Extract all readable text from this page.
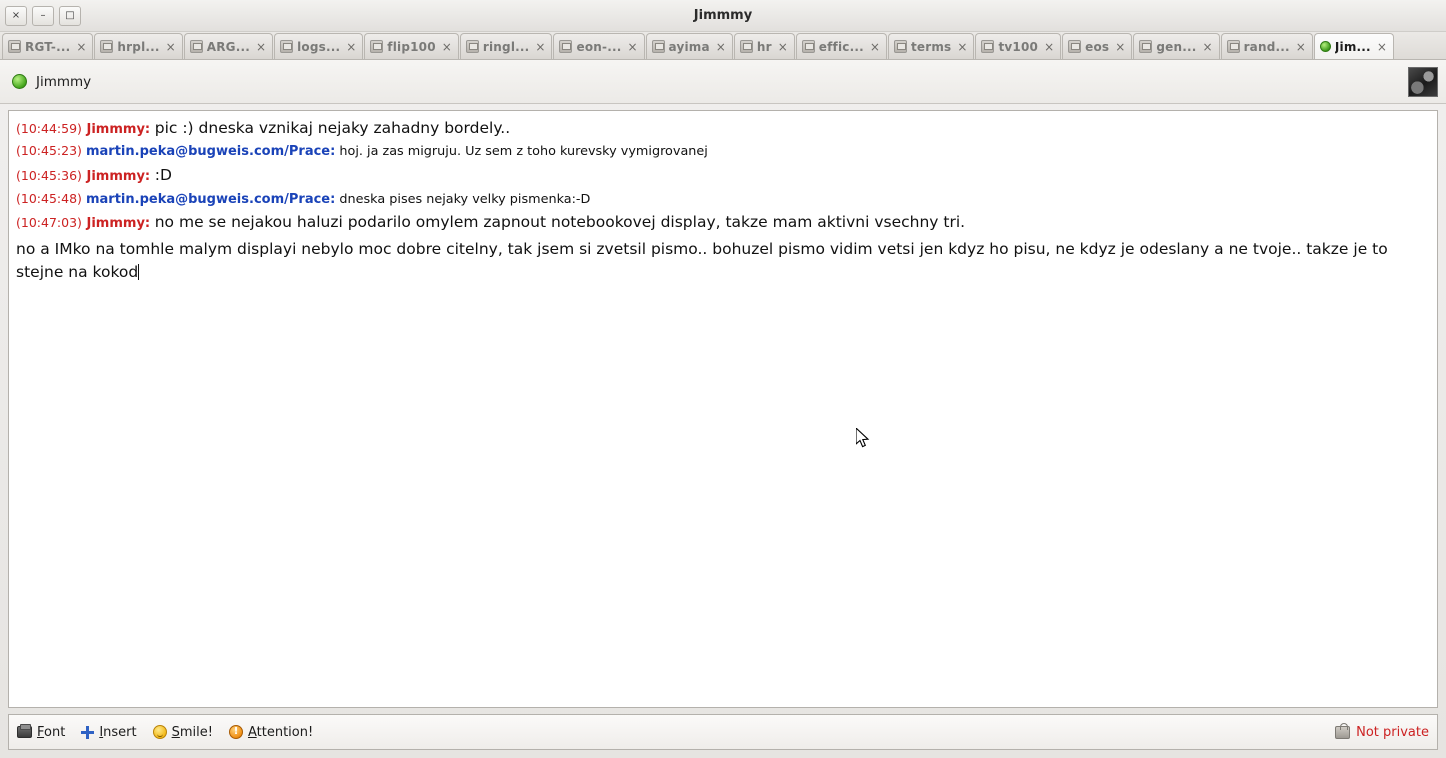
×	–	□	Jimmmy
RGT-... ×	hrpl... ×	ARG... ×	logs... ×	flip100 ×	ringl... ×	eon-... ×	ayima ×	hr ×	effic... ×	terms ×	tv100 ×	eos ×	gen... ×	rand... × Jim... ×
Jimmmy
(10:44:59) Jimmmy: pic :) dneska vznikaj nejaky zahadny bordely..
(10:45:23) martin.peka@bugweis.com/Prace: hoj. ja zas migruju. Uz sem z toho kurevsky vymigrovanej
(10:45:36) Jimmmy: :D
(10:45:48) martin.peka@bugweis.com/Prace: dneska pises nejaky velky pismenka:-D
(10:47:03) Jimmmy: no me se nejakou haluzi podarilo omylem zapnout notebookovej display, takze mam aktivni vsechny tri.
no a IMko na tomhle malym displayi nebylo moc dobre citelny, tak jsem si zvetsil pismo.. bohuzel pismo vidim vetsi jen kdyz ho pisu, ne kdyz je odeslany a ne tvoje.. takze je to stejne na kokod
Font	Insert	Smile!	! Attention!	Not private
